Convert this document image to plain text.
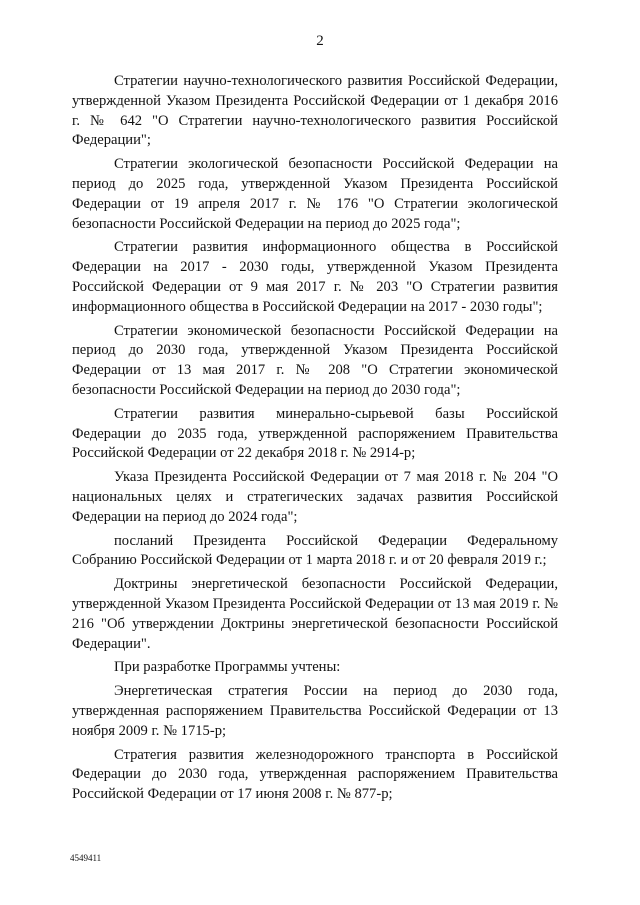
2

Стратегии научно-технологического развития Российской Федерации, утвержденной Указом Президента Российской Федерации от 1 декабря 2016 г. № 642 "О Стратегии научно-технологического развития Российской Федерации";

Стратегии экологической безопасности Российской Федерации на период до 2025 года, утвержденной Указом Президента Российской Федерации от 19 апреля 2017 г. № 176 "О Стратегии экологической безопасности Российской Федерации на период до 2025 года";

Стратегии развития информационного общества в Российской Федерации на 2017 - 2030 годы, утвержденной Указом Президента Российской Федерации от 9 мая 2017 г. № 203 "О Стратегии развития информационного общества в Российской Федерации на 2017 - 2030 годы";

Стратегии экономической безопасности Российской Федерации на период до 2030 года, утвержденной Указом Президента Российской Федерации от 13 мая 2017 г. № 208 "О Стратегии экономической безопасности Российской Федерации на период до 2030 года";

Стратегии развития минерально-сырьевой базы Российской Федерации до 2035 года, утвержденной распоряжением Правительства Российской Федерации от 22 декабря 2018 г. № 2914-р;

Указа Президента Российской Федерации от 7 мая 2018 г. № 204 "О национальных целях и стратегических задачах развития Российской Федерации на период до 2024 года";

посланий Президента Российской Федерации Федеральному Собранию Российской Федерации от 1 марта 2018 г. и от 20 февраля 2019 г.;

Доктрины энергетической безопасности Российской Федерации, утвержденной Указом Президента Российской Федерации от 13 мая 2019 г. № 216 "Об утверждении Доктрины энергетической безопасности Российской Федерации".

При разработке Программы учтены:

Энергетическая стратегия России на период до 2030 года, утвержденная распоряжением Правительства Российской Федерации от 13 ноября 2009 г. № 1715-р;

Стратегия развития железнодорожного транспорта в Российской Федерации до 2030 года, утвержденная распоряжением Правительства Российской Федерации от 17 июня 2008 г. № 877-р;

4549411
